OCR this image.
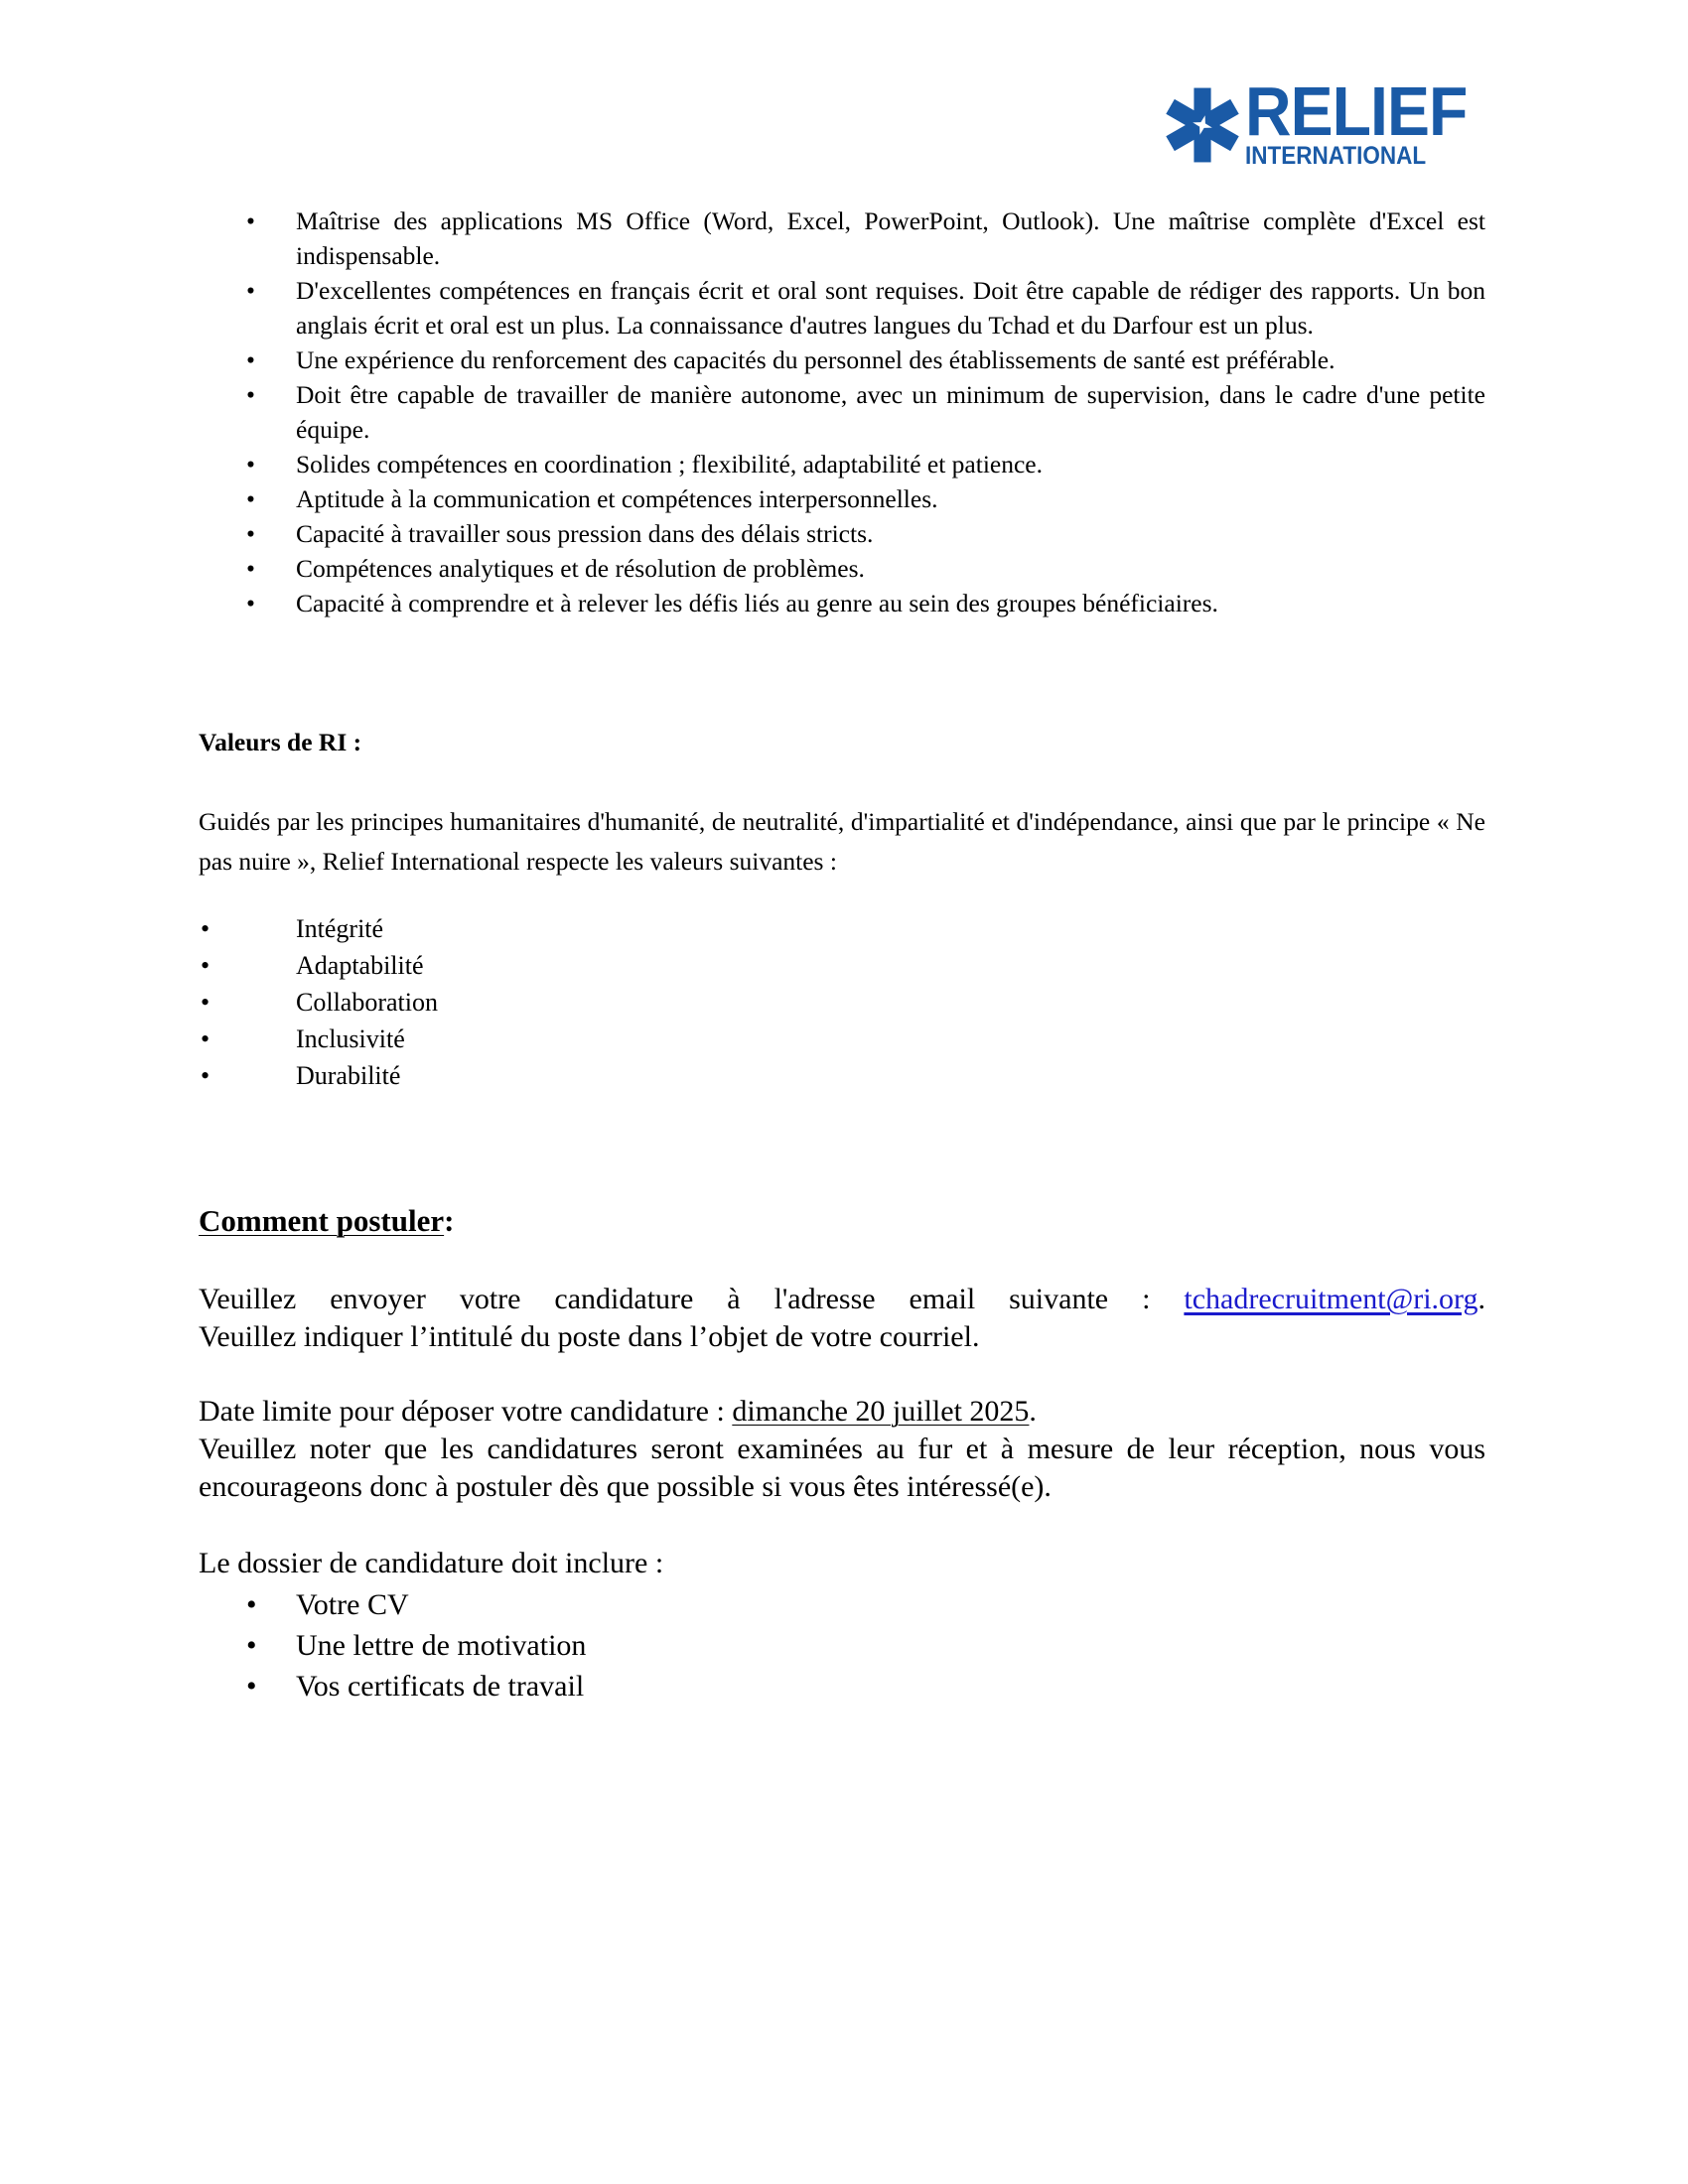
RELIEF
INTERNATIONAL
• Maîtrise des applications MS Office (Word, Excel, PowerPoint, Outlook). Une maîtrise complète d'Excel est indispensable.
• D'excellentes compétences en français écrit et oral sont requises. Doit être capable de rédiger des rapports. Un bon anglais écrit et oral est un plus. La connaissance d'autres langues du Tchad et du Darfour est un plus.
• Une expérience du renforcement des capacités du personnel des établissements de santé est préférable.
• Doit être capable de travailler de manière autonome, avec un minimum de supervision, dans le cadre d'une petite équipe.
• Solides compétences en coordination ; flexibilité, adaptabilité et patience.
• Aptitude à la communication et compétences interpersonnelles.
• Capacité à travailler sous pression dans des délais stricts.
• Compétences analytiques et de résolution de problèmes.
• Capacité à comprendre et à relever les défis liés au genre au sein des groupes bénéficiaires.
Valeurs de RI :
Guidés par les principes humanitaires d'humanité, de neutralité, d'impartialité et d'indépendance, ainsi que par le principe « Ne pas nuire », Relief International respecte les valeurs suivantes :
•	Intégrité
•	Adaptabilité
•	Collaboration
•	Inclusivité
•	Durabilité
Comment postuler:
Veuillez envoyer votre candidature à l'adresse email suivante : tchadrecruitment@ri.org.
Veuillez indiquer l’intitulé du poste dans l’objet de votre courriel.
Date limite pour déposer votre candidature : dimanche 20 juillet 2025.
Veuillez noter que les candidatures seront examinées au fur et à mesure de leur réception, nous vous encourageons donc à postuler dès que possible si vous êtes intéressé(e).
Le dossier de candidature doit inclure :
• Votre CV
• Une lettre de motivation
• Vos certificats de travail
